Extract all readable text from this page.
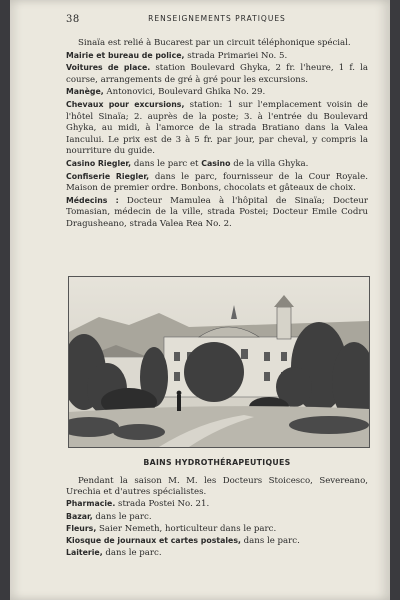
38	RENSEIGNEMENTS PRATIQUES

Sinaïa est relié à Bucarest par un circuit téléphonique spécial.

Mairie et bureau de police, strada Primariei No. 5.

Voitures de place. station Boulevard Ghyka, 2 fr. l'heure, 1 f. la course, arrangements de gré à gré pour les excursions.

Manège, Antonovici, Boulevard Ghika No. 29.

Chevaux pour excursions, station: 1 sur l'emplacement voisin de l'hôtel Sinaïa; 2. auprès de la poste; 3. à l'entrée du Boulevard Ghyka, au midi, à l'amorce de la strada Bratiano dans la Valea Iancului. Le prix est de 3 à 5 fr. par jour, par cheval, y compris la nourriture du guide.

Casino Riegler, dans le parc et Casino de la villa Ghyka.

Confiserie Riegler, dans le parc, fournisseur de la Cour Royale. Maison de premier ordre. Bonbons, chocolats et gâteaux de choix.

Médecins : Docteur Mamulea à l'hôpital de Sinaïa; Docteur Tomasian, médecin de la ville, strada Postei; Docteur Emile Codru Dragusheano, strada Valea Rea No. 2.

BAINS HYDROTHÉRAPEUTIQUES

Pendant la saison M. M. les Docteurs Stoicesco, Severeano, Urechia et d'autres spécialistes.

Pharmacie. strada Postei No. 21.

Bazar, dans le parc.

Fleurs, Saier Nemeth, horticulteur dans le parc.

Kiosque de journaux et cartes postales, dans le parc.

Laiterie, dans le parc.
